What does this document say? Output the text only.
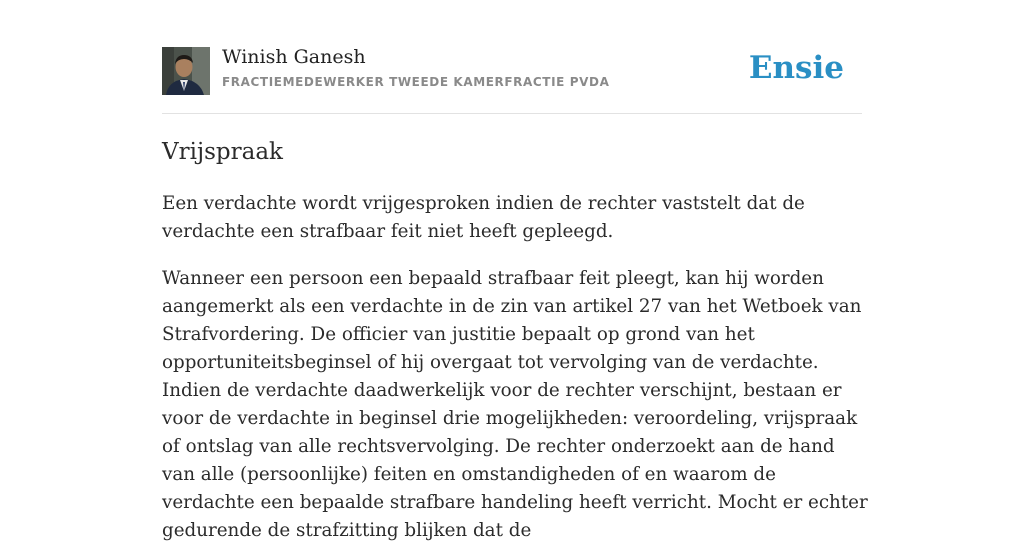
Winish Ganesh
FRACTIEMEDEWERKER TWEEDE KAMERFRACTIE PVDA	Ensie
Vrijspraak

Een verdachte wordt vrijgesproken indien de rechter vaststelt dat de verdachte een strafbaar feit niet heeft gepleegd.

Wanneer een persoon een bepaald strafbaar feit pleegt, kan hij worden aangemerkt als een verdachte in de zin van artikel 27 van het Wetboek van Strafvordering. De officier van justitie bepaalt op grond van het opportuniteitsbeginsel of hij overgaat tot vervolging van de verdachte. Indien de verdachte daadwerkelijk voor de rechter verschijnt, bestaan er voor de verdachte in beginsel drie mogelijkheden: veroordeling, vrijspraak of ontslag van alle rechtsvervolging. De rechter onderzoekt aan de hand van alle (persoonlijke) feiten en omstandigheden of en waarom de verdachte een bepaalde strafbare handeling heeft verricht. Mocht er echter gedurende de strafzitting blijken dat de
